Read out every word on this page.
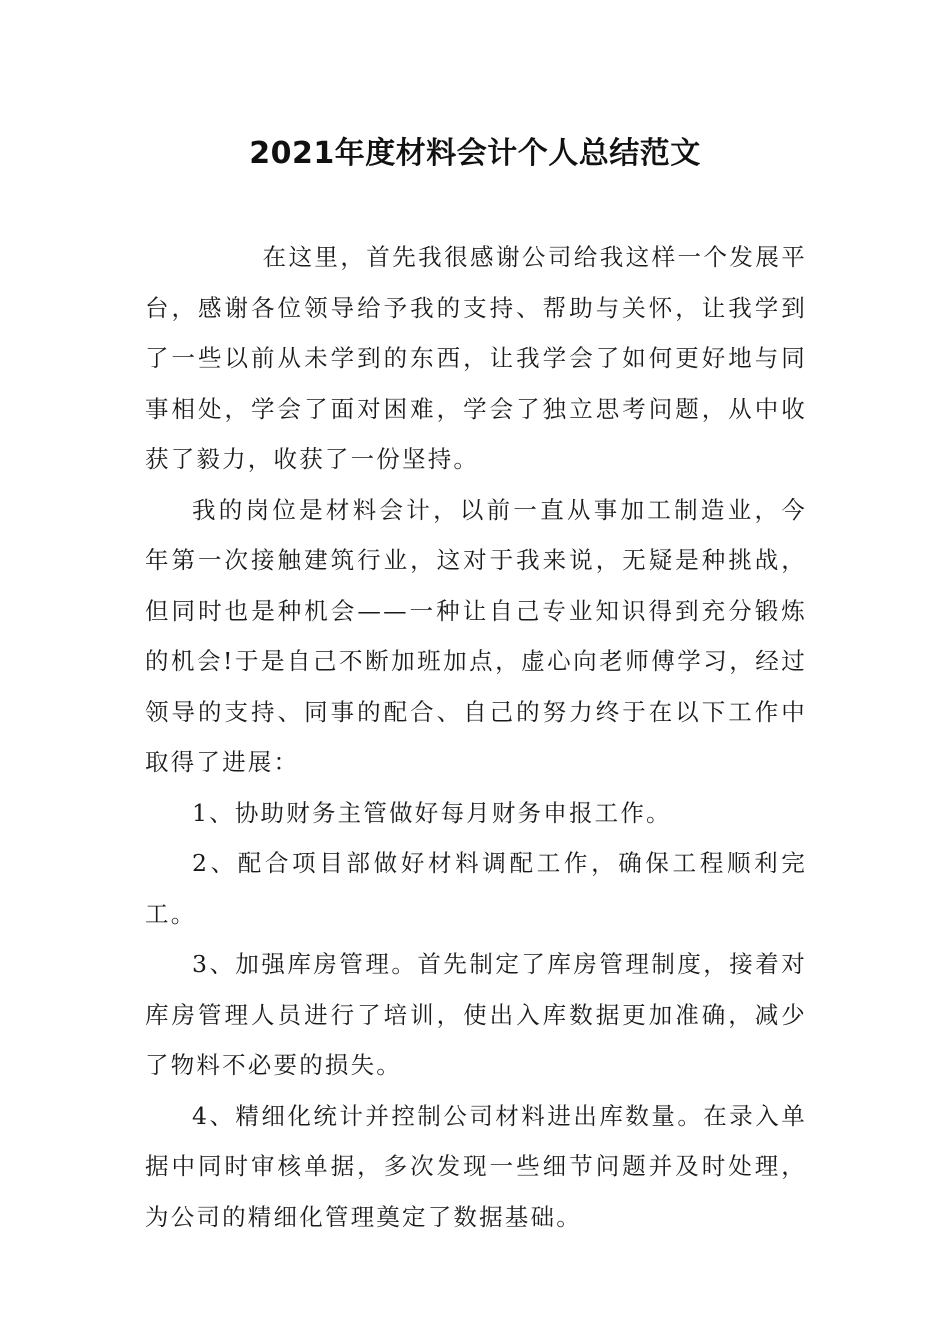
2021年度材料会计个人总结范文

在这里，首先我很感谢公司给我这样一个发展平台，感谢各位领导给予我的支持、帮助与关怀，让我学到了一些以前从未学到的东西，让我学会了如何更好地与同事相处，学会了面对困难，学会了独立思考问题，从中收获了毅力，收获了一份坚持。

我的岗位是材料会计，以前一直从事加工制造业，今年第一次接触建筑行业，这对于我来说，无疑是种挑战，但同时也是种机会——一种让自己专业知识得到充分锻炼的机会!于是自己不断加班加点，虚心向老师傅学习，经过领导的支持、同事的配合、自己的努力终于在以下工作中取得了进展：

1、协助财务主管做好每月财务申报工作。

2、配合项目部做好材料调配工作，确保工程顺利完工。

3、加强库房管理。首先制定了库房管理制度，接着对库房管理人员进行了培训，使出入库数据更加准确，减少了物料不必要的损失。

4、精细化统计并控制公司材料进出库数量。在录入单据中同时审核单据，多次发现一些细节问题并及时处理，为公司的精细化管理奠定了数据基础。
